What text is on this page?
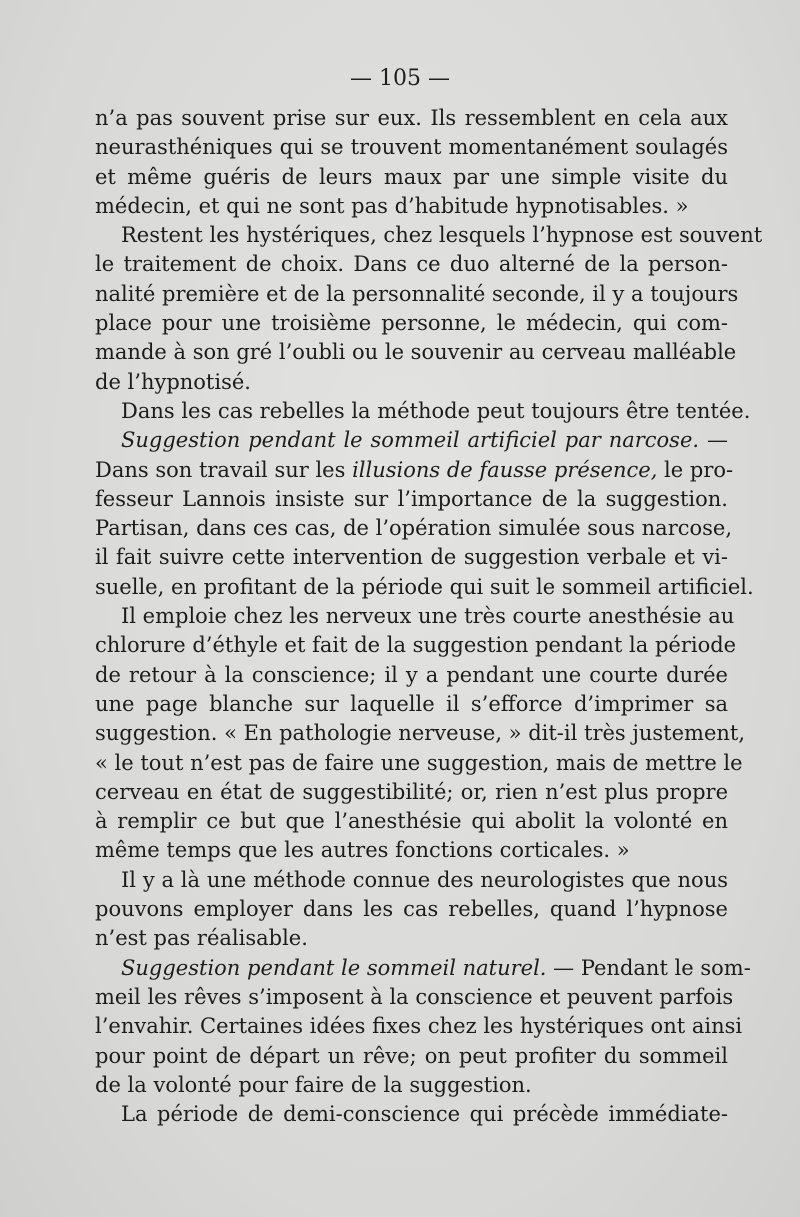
— 105 —
n’a pas souvent prise sur eux. Ils ressemblent en cela aux
neurasthéniques qui se trouvent momentanément soulagés
et même guéris de leurs maux par une simple visite du
médecin, et qui ne sont pas d’habitude hypnotisables. »
Restent les hystériques, chez lesquels l’hypnose est souvent
le traitement de choix. Dans ce duo alterné de la person-
nalité première et de la personnalité seconde, il y a toujours
place pour une troisième personne, le médecin, qui com-
mande à son gré l’oubli ou le souvenir au cerveau malléable
de l’hypnotisé.
Dans les cas rebelles la méthode peut toujours être tentée.
Suggestion pendant le sommeil artificiel par narcose. —
Dans son travail sur les illusions de fausse présence, le pro-
fesseur Lannois insiste sur l’importance de la suggestion.
Partisan, dans ces cas, de l’opération simulée sous narcose,
il fait suivre cette intervention de suggestion verbale et vi-
suelle, en profitant de la période qui suit le sommeil artificiel.
Il emploie chez les nerveux une très courte anesthésie au
chlorure d’éthyle et fait de la suggestion pendant la période
de retour à la conscience; il y a pendant une courte durée
une page blanche sur laquelle il s’efforce d’imprimer sa
suggestion. « En pathologie nerveuse, » dit-il très justement,
« le tout n’est pas de faire une suggestion, mais de mettre le
cerveau en état de suggestibilité; or, rien n’est plus propre
à remplir ce but que l’anesthésie qui abolit la volonté en
même temps que les autres fonctions corticales. »
Il y a là une méthode connue des neurologistes que nous
pouvons employer dans les cas rebelles, quand l’hypnose
n’est pas réalisable.
Suggestion pendant le sommeil naturel. — Pendant le som-
meil les rêves s’imposent à la conscience et peuvent parfois
l’envahir. Certaines idées fixes chez les hystériques ont ainsi
pour point de départ un rêve; on peut profiter du sommeil
de la volonté pour faire de la suggestion.
La période de demi-conscience qui précède immédiate-
